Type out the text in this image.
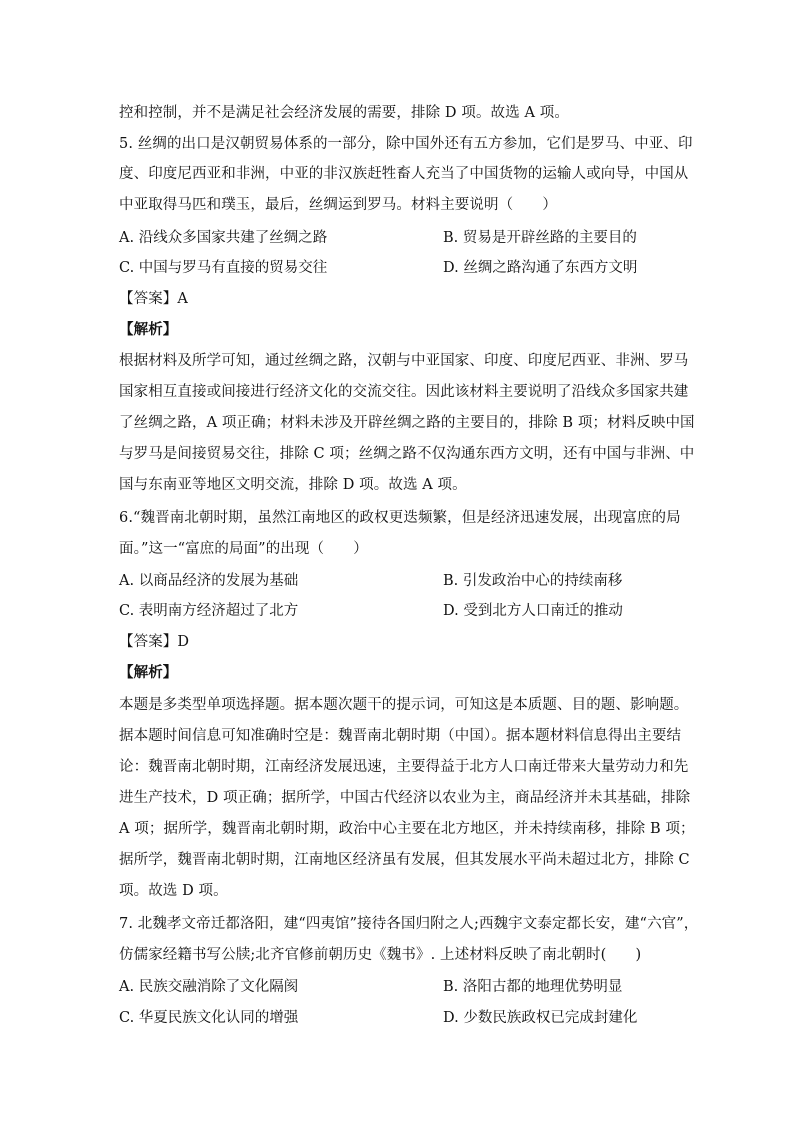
控和控制，并不是满足社会经济发展的需要，排除 D 项。故选 A 项。
5. 丝绸的出口是汉朝贸易体系的一部分，除中国外还有五方参加，它们是罗马、中亚、印
度、印度尼西亚和非洲，中亚的非汉族赶牲畜人充当了中国货物的运输人或向导，中国从
中亚取得马匹和璞玉，最后，丝绸运到罗马。材料主要说明（　　）
A. 沿线众多国家共建了丝绸之路	B. 贸易是开辟丝路的主要目的
C. 中国与罗马有直接的贸易交往	D. 丝绸之路沟通了东西方文明
【答案】A
【解析】
根据材料及所学可知，通过丝绸之路，汉朝与中亚国家、印度、印度尼西亚、非洲、罗马
国家相互直接或间接进行经济文化的交流交往。因此该材料主要说明了沿线众多国家共建
了丝绸之路，A 项正确；材料未涉及开辟丝绸之路的主要目的，排除 B 项；材料反映中国
与罗马是间接贸易交往，排除 C 项；丝绸之路不仅沟通东西方文明，还有中国与非洲、中
国与东南亚等地区文明交流，排除 D 项。故选 A 项。
6.“魏晋南北朝时期，虽然江南地区的政权更迭频繁，但是经济迅速发展，出现富庶的局
面。”这一“富庶的局面”的出现（　　）
A. 以商品经济的发展为基础	B. 引发政治中心的持续南移
C. 表明南方经济超过了北方	D. 受到北方人口南迁的推动
【答案】D
【解析】
本题是多类型单项选择题。据本题次题干的提示词，可知这是本质题、目的题、影响题。
据本题时间信息可知准确时空是：魏晋南北朝时期（中国）。据本题材料信息得出主要结
论：魏晋南北朝时期，江南经济发展迅速，主要得益于北方人口南迁带来大量劳动力和先
进生产技术，D 项正确；据所学，中国古代经济以农业为主，商品经济并未其基础，排除
A 项；据所学，魏晋南北朝时期，政治中心主要在北方地区，并未持续南移，排除 B 项；
据所学，魏晋南北朝时期，江南地区经济虽有发展，但其发展水平尚未超过北方，排除 C
项。故选 D 项。
7. 北魏孝文帝迁都洛阳，建“四夷馆”接待各国归附之人;西魏宇文泰定都长安，建“六官”，
仿儒家经籍书写公牍;北齐官修前朝历史《魏书》. 上述材料反映了南北朝时(　　)
A. 民族交融消除了文化隔阂	B. 洛阳古都的地理优势明显
C. 华夏民族文化认同的增强	D. 少数民族政权已完成封建化
